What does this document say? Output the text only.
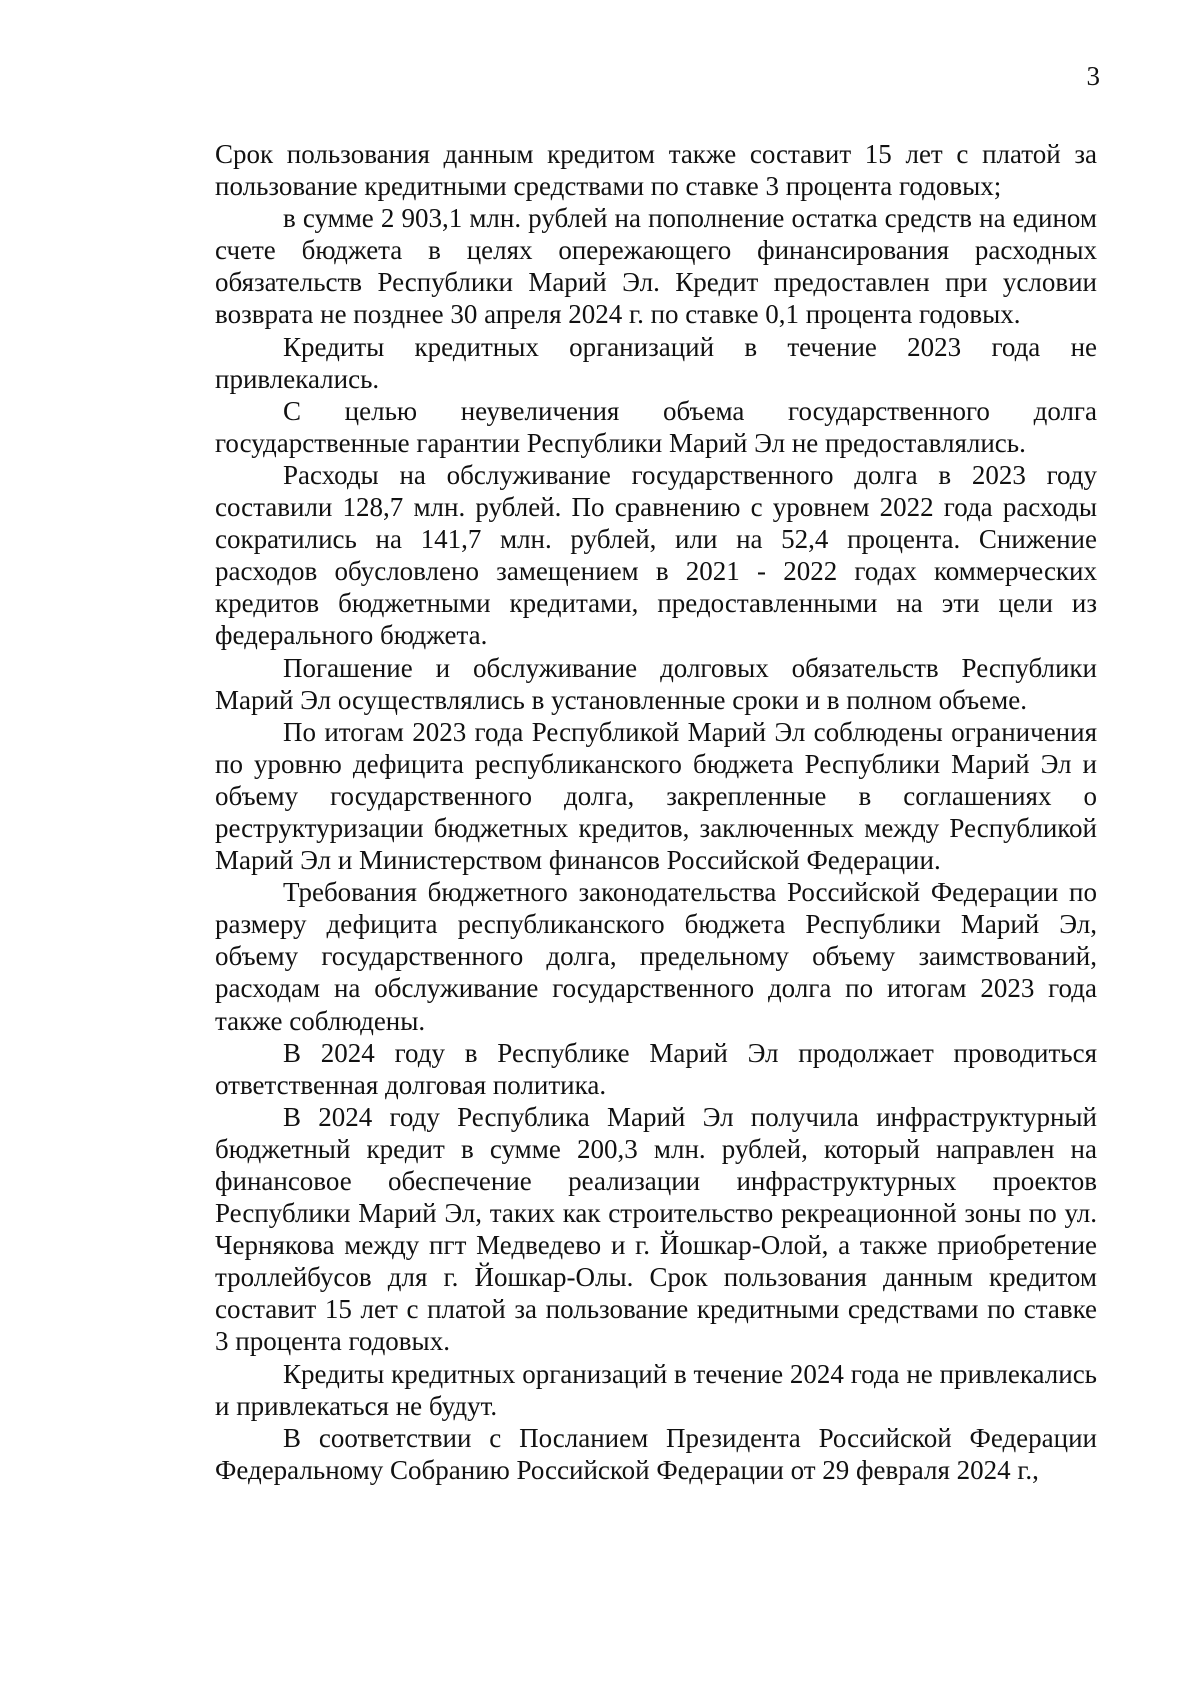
3

Срок пользования данным кредитом также составит 15 лет с платой за пользование кредитными средствами по ставке 3 процента годовых;

в сумме 2 903,1 млн. рублей на пополнение остатка средств на едином счете бюджета в целях опережающего финансирования расходных обязательств Республики Марий Эл. Кредит предоставлен при условии возврата не позднее 30 апреля 2024 г. по ставке 0,1 процента годовых.

Кредиты кредитных организаций в течение 2023 года не привлекались.

С целью неувеличения объема государственного долга государственные гарантии Республики Марий Эл не предоставлялись.

Расходы на обслуживание государственного долга в 2023 году составили 128,7 млн. рублей. По сравнению с уровнем 2022 года расходы сократились на 141,7 млн. рублей, или на 52,4 процента. Снижение расходов обусловлено замещением в 2021 - 2022 годах коммерческих кредитов бюджетными кредитами, предоставленными на эти цели из федерального бюджета.

Погашение и обслуживание долговых обязательств Республики Марий Эл осуществлялись в установленные сроки и в полном объеме.

По итогам 2023 года Республикой Марий Эл соблюдены ограничения по уровню дефицита республиканского бюджета Республики Марий Эл и объему государственного долга, закрепленные в соглашениях о реструктуризации бюджетных кредитов, заключенных между Республикой Марий Эл и Министерством финансов Российской Федерации.

Требования бюджетного законодательства Российской Федерации по размеру дефицита республиканского бюджета Республики Марий Эл, объему государственного долга, предельному объему заимствований, расходам на обслуживание государственного долга по итогам 2023 года также соблюдены.

В 2024 году в Республике Марий Эл продолжает проводиться ответственная долговая политика.

В 2024 году Республика Марий Эл получила инфраструктурный бюджетный кредит в сумме 200,3 млн. рублей, который направлен на финансовое обеспечение реализации инфраструктурных проектов Республики Марий Эл, таких как строительство рекреационной зоны по ул. Чернякова между пгт Медведево и г. Йошкар-Олой, а также приобретение троллейбусов для г. Йошкар-Олы. Срок пользования данным кредитом составит 15 лет с платой за пользование кредитными средствами по ставке 3 процента годовых.

Кредиты кредитных организаций в течение 2024 года не привлекались и привлекаться не будут.

В соответствии с Посланием Президента Российской Федерации Федеральному Собранию Российской Федерации от 29 февраля 2024 г.,
